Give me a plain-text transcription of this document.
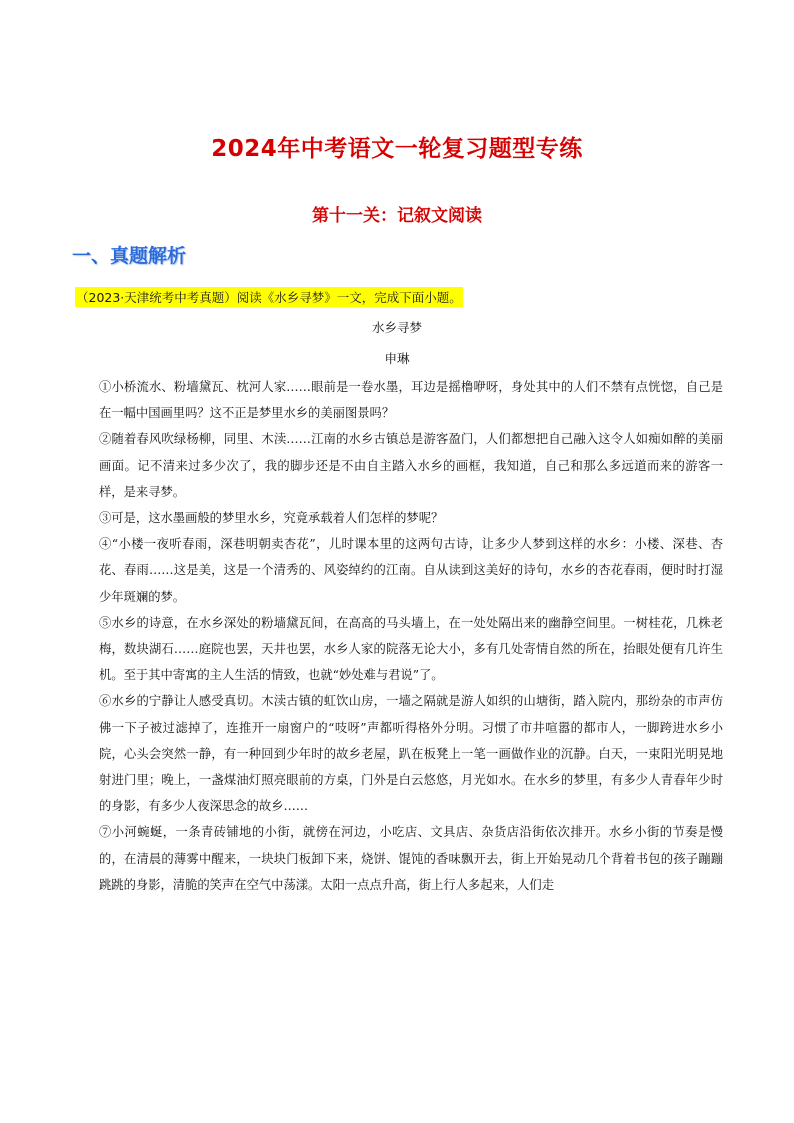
2024年中考语文一轮复习题型专练
第十一关：记叙文阅读
一、真题解析
（2023·天津统考中考真题）阅读《水乡寻梦》一文，完成下面小题。
水乡寻梦
申琳

①小桥流水、粉墙黛瓦、枕河人家……眼前是一卷水墨，耳边是摇橹咿呀，身处其中的人们不禁有点恍惚，自己是在一幅中国画里吗？这不正是梦里水乡的美丽图景吗？

②随着春风吹绿杨柳，同里、木渎……江南的水乡古镇总是游客盈门，人们都想把自己融入这令人如痴如醉的美丽画面。记不清来过多少次了，我的脚步还是不由自主踏入水乡的画框，我知道，自己和那么多远道而来的游客一样，是来寻梦。

③可是，这水墨画般的梦里水乡，究竟承载着人们怎样的梦呢？

④“小楼一夜听春雨，深巷明朝卖杏花”，儿时课本里的这两句古诗，让多少人梦到这样的水乡：小楼、深巷、杏花、春雨……这是美，这是一个清秀的、风姿绰约的江南。自从读到这美好的诗句，水乡的杏花春雨，便时时打湿少年斑斓的梦。

⑤水乡的诗意，在水乡深处的粉墙黛瓦间，在高高的马头墙上，在一处处隔出来的幽静空间里。一树桂花，几株老梅，数块湖石……庭院也罢，天井也罢，水乡人家的院落无论大小，多有几处寄情自然的所在，抬眼处便有几许生机。至于其中寄寓的主人生活的情致，也就“妙处难与君说”了。

⑥水乡的宁静让人感受真切。木渎古镇的虹饮山房，一墙之隔就是游人如织的山塘街，踏入院内，那纷杂的市声仿佛一下子被过滤掉了，连推开一扇窗户的“吱呀”声都听得格外分明。习惯了市井喧嚣的都市人，一脚跨进水乡小院，心头会突然一静，有一种回到少年时的故乡老屋，趴在板凳上一笔一画做作业的沉静。白天，一束阳光明晃地射进门里；晚上，一盏煤油灯照亮眼前的方桌，门外是白云悠悠，月光如水。在水乡的梦里，有多少人青春年少时的身影，有多少人夜深思念的故乡……

⑦小河蜿蜒，一条青砖铺地的小街，就傍在河边，小吃店、文具店、杂货店沿街依次排开。水乡小街的节奏是慢的，在清晨的薄雾中醒来，一块块门板卸下来，烧饼、馄饨的香味飘开去，街上开始晃动几个背着书包的孩子蹦蹦跳跳的身影，清脆的笑声在空气中荡漾。太阳一点点升高，街上行人多起来，人们走
